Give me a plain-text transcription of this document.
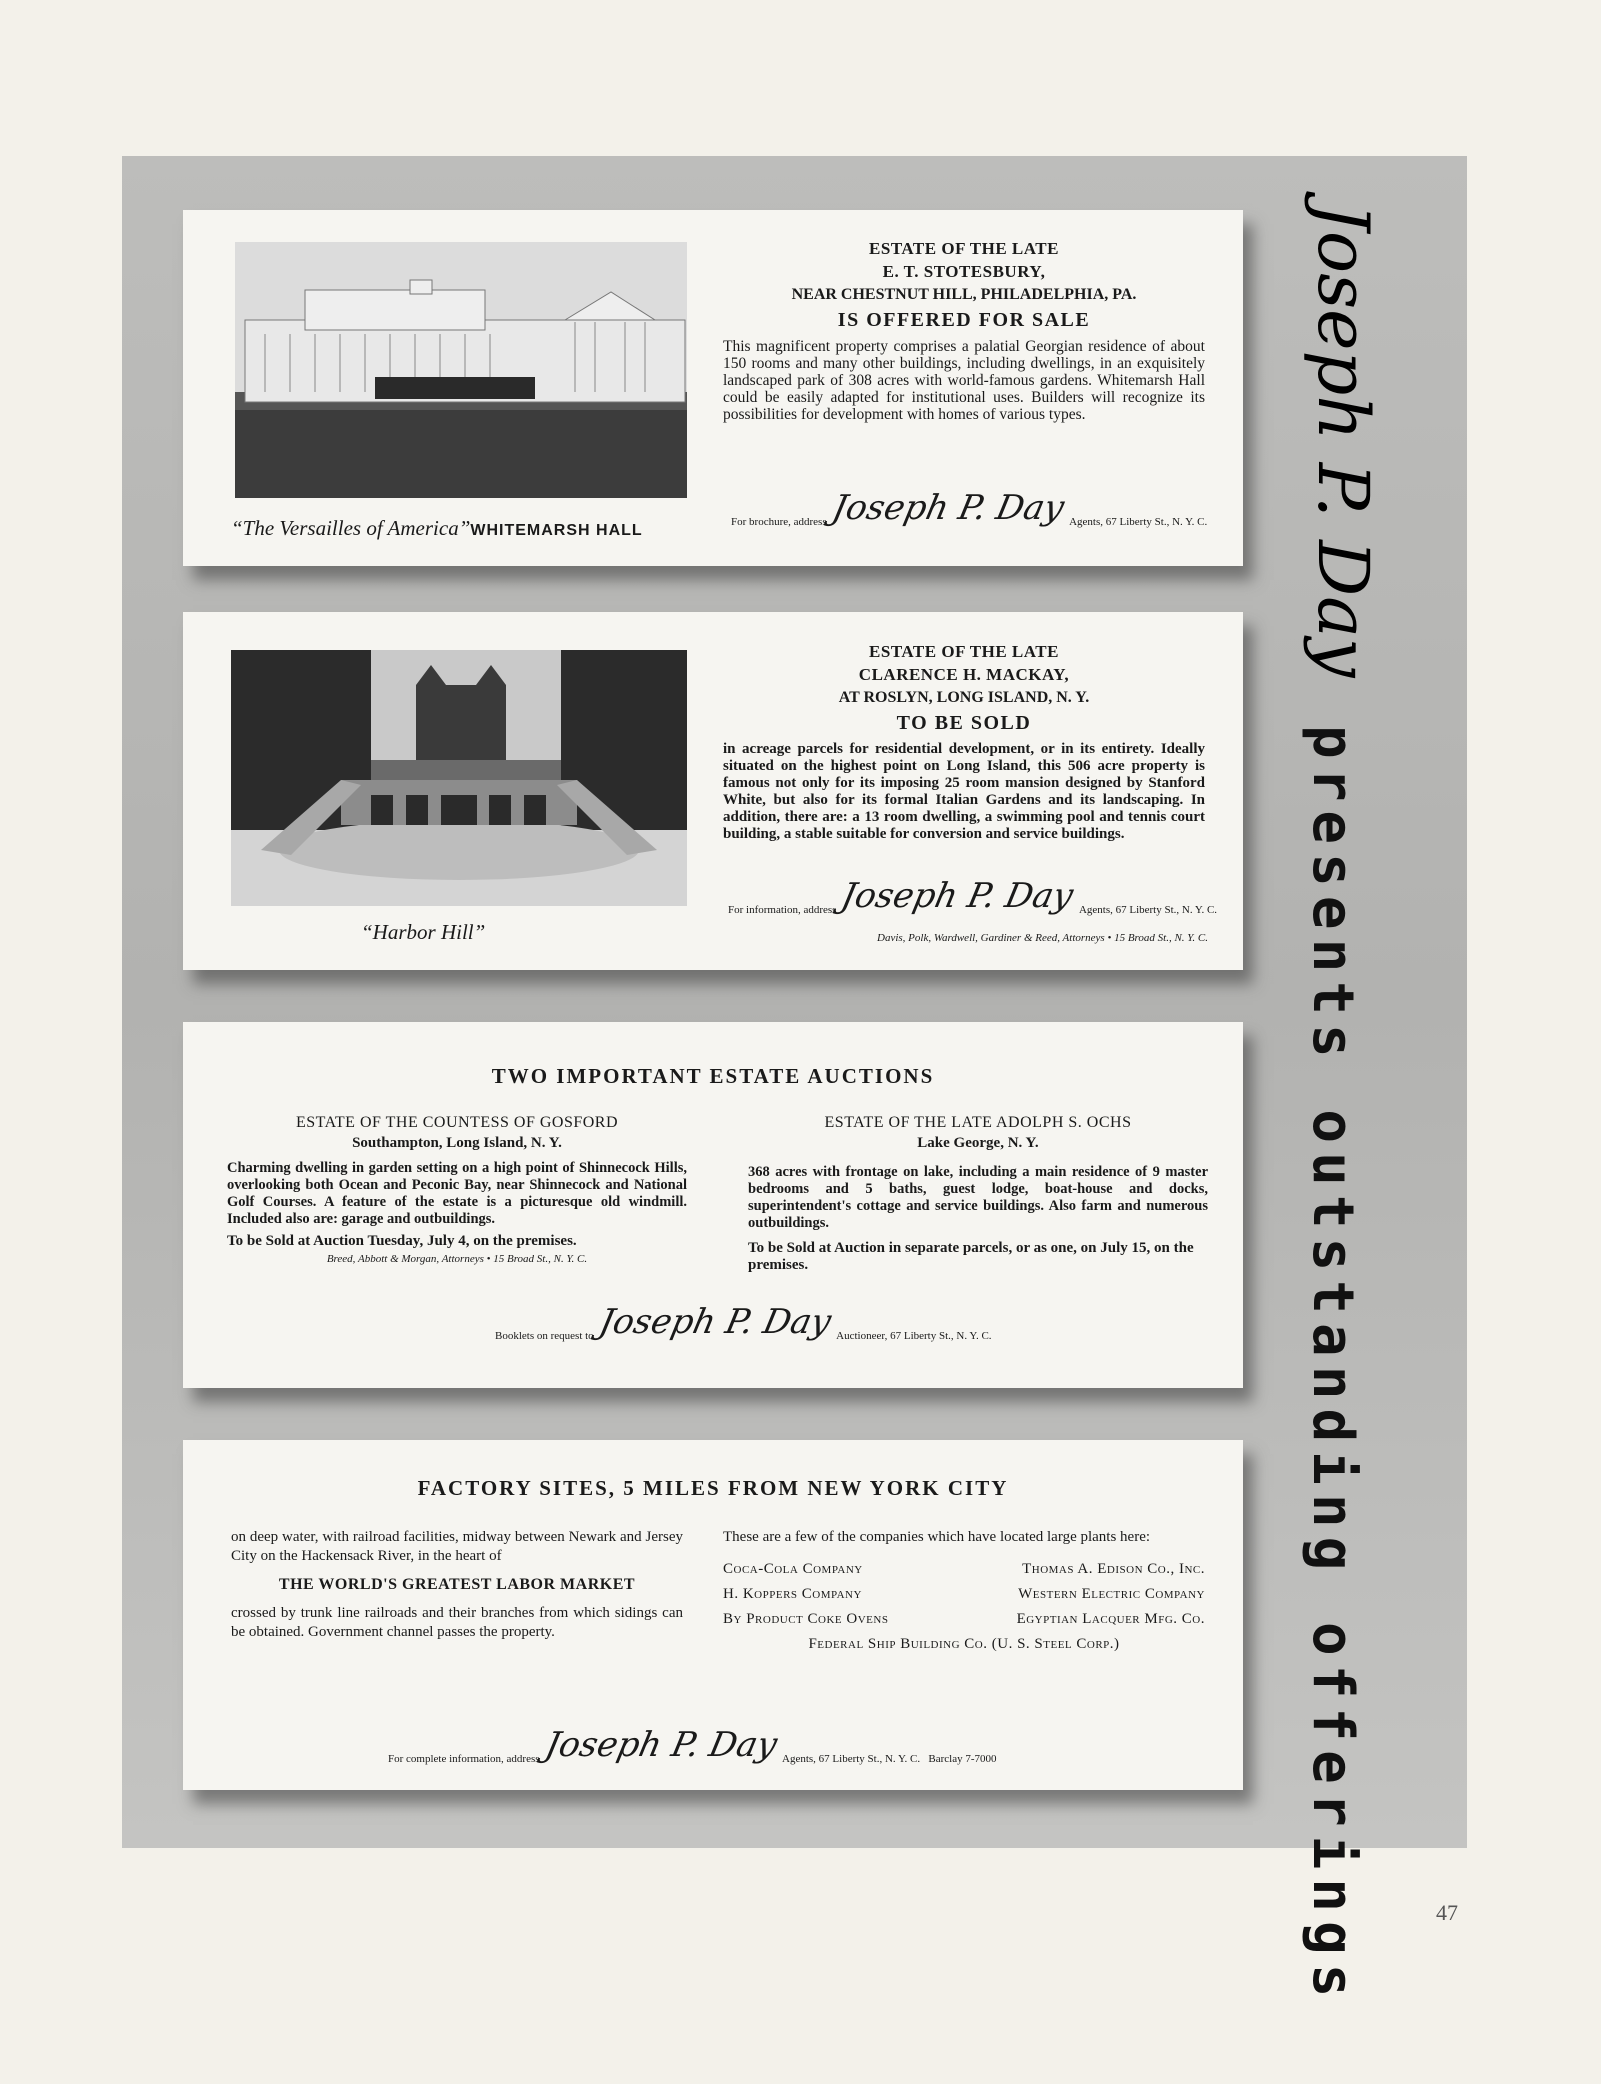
“The Versailles of America”WHITEMARSH HALL
ESTATE OF THE LATE
E. T. STOTESBURY,
NEAR CHESTNUT HILL, PHILADELPHIA, PA.
IS OFFERED FOR SALE
This magnificent property comprises a palatial Georgian residence of about 150 rooms and many other buildings, including dwellings, in an exquisitely landscaped park of 308 acres with world-famous gardens. Whitemarsh Hall could be easily adapted for institutional uses. Builders will recognize its possibilities for development with homes of various types.
For brochure, address Joseph P. Day Agents, 67 Liberty St., N. Y. C.
“Harbor Hill”
ESTATE OF THE LATE
CLARENCE H. MACKAY,
AT ROSLYN, LONG ISLAND, N. Y.
TO BE SOLD
in acreage parcels for residential development, or in its entirety. Ideally situated on the highest point on Long Island, this 506 acre property is famous not only for its imposing 25 room mansion designed by Stanford White, but also for its formal Italian Gardens and its landscaping. In addition, there are: a 13 room dwelling, a swimming pool and tennis court building, a stable suitable for conversion and service buildings.
For information, address Joseph P. Day Agents, 67 Liberty St., N. Y. C.
Davis, Polk, Wardwell, Gardiner & Reed, Attorneys • 15 Broad St., N. Y. C.
TWO IMPORTANT ESTATE AUCTIONS
ESTATE OF THE COUNTESS OF GOSFORD
Southampton, Long Island, N. Y.
Charming dwelling in garden setting on a high point of Shinnecock Hills, overlooking both Ocean and Peconic Bay, near Shinnecock and National Golf Courses. A feature of the estate is a picturesque old windmill. Included also are: garage and outbuildings.
To be Sold at Auction Tuesday, July 4, on the premises.
Breed, Abbott & Morgan, Attorneys • 15 Broad St., N. Y. C.
ESTATE OF THE LATE ADOLPH S. OCHS
Lake George, N. Y.
368 acres with frontage on lake, including a main residence of 9 master bedrooms and 5 baths, guest lodge, boat-house and docks, superintendent's cottage and service buildings. Also farm and numerous outbuildings.
To be Sold at Auction in separate parcels, or as one, on July 15, on the premises.
Booklets on request to Joseph P. Day Auctioneer, 67 Liberty St., N. Y. C.
FACTORY SITES, 5 MILES FROM NEW YORK CITY
on deep water, with railroad facilities, midway between Newark and Jersey City on the Hackensack River, in the heart of
THE WORLD'S GREATEST LABOR MARKET
crossed by trunk line railroads and their branches from which sidings can be obtained. Government channel passes the property.
These are a few of the companies which have located large plants here:
Coca-Cola Company	Thomas A. Edison Co., Inc.
H. Koppers Company	Western Electric Company
By Product Coke Ovens	Egyptian Lacquer Mfg. Co.
Federal Ship Building Co. (U. S. Steel Corp.)
For complete information, address Joseph P. Day Agents, 67 Liberty St., N. Y. C.   Barclay 7-7000
Joseph P. Day
presents outstanding offerings	47
